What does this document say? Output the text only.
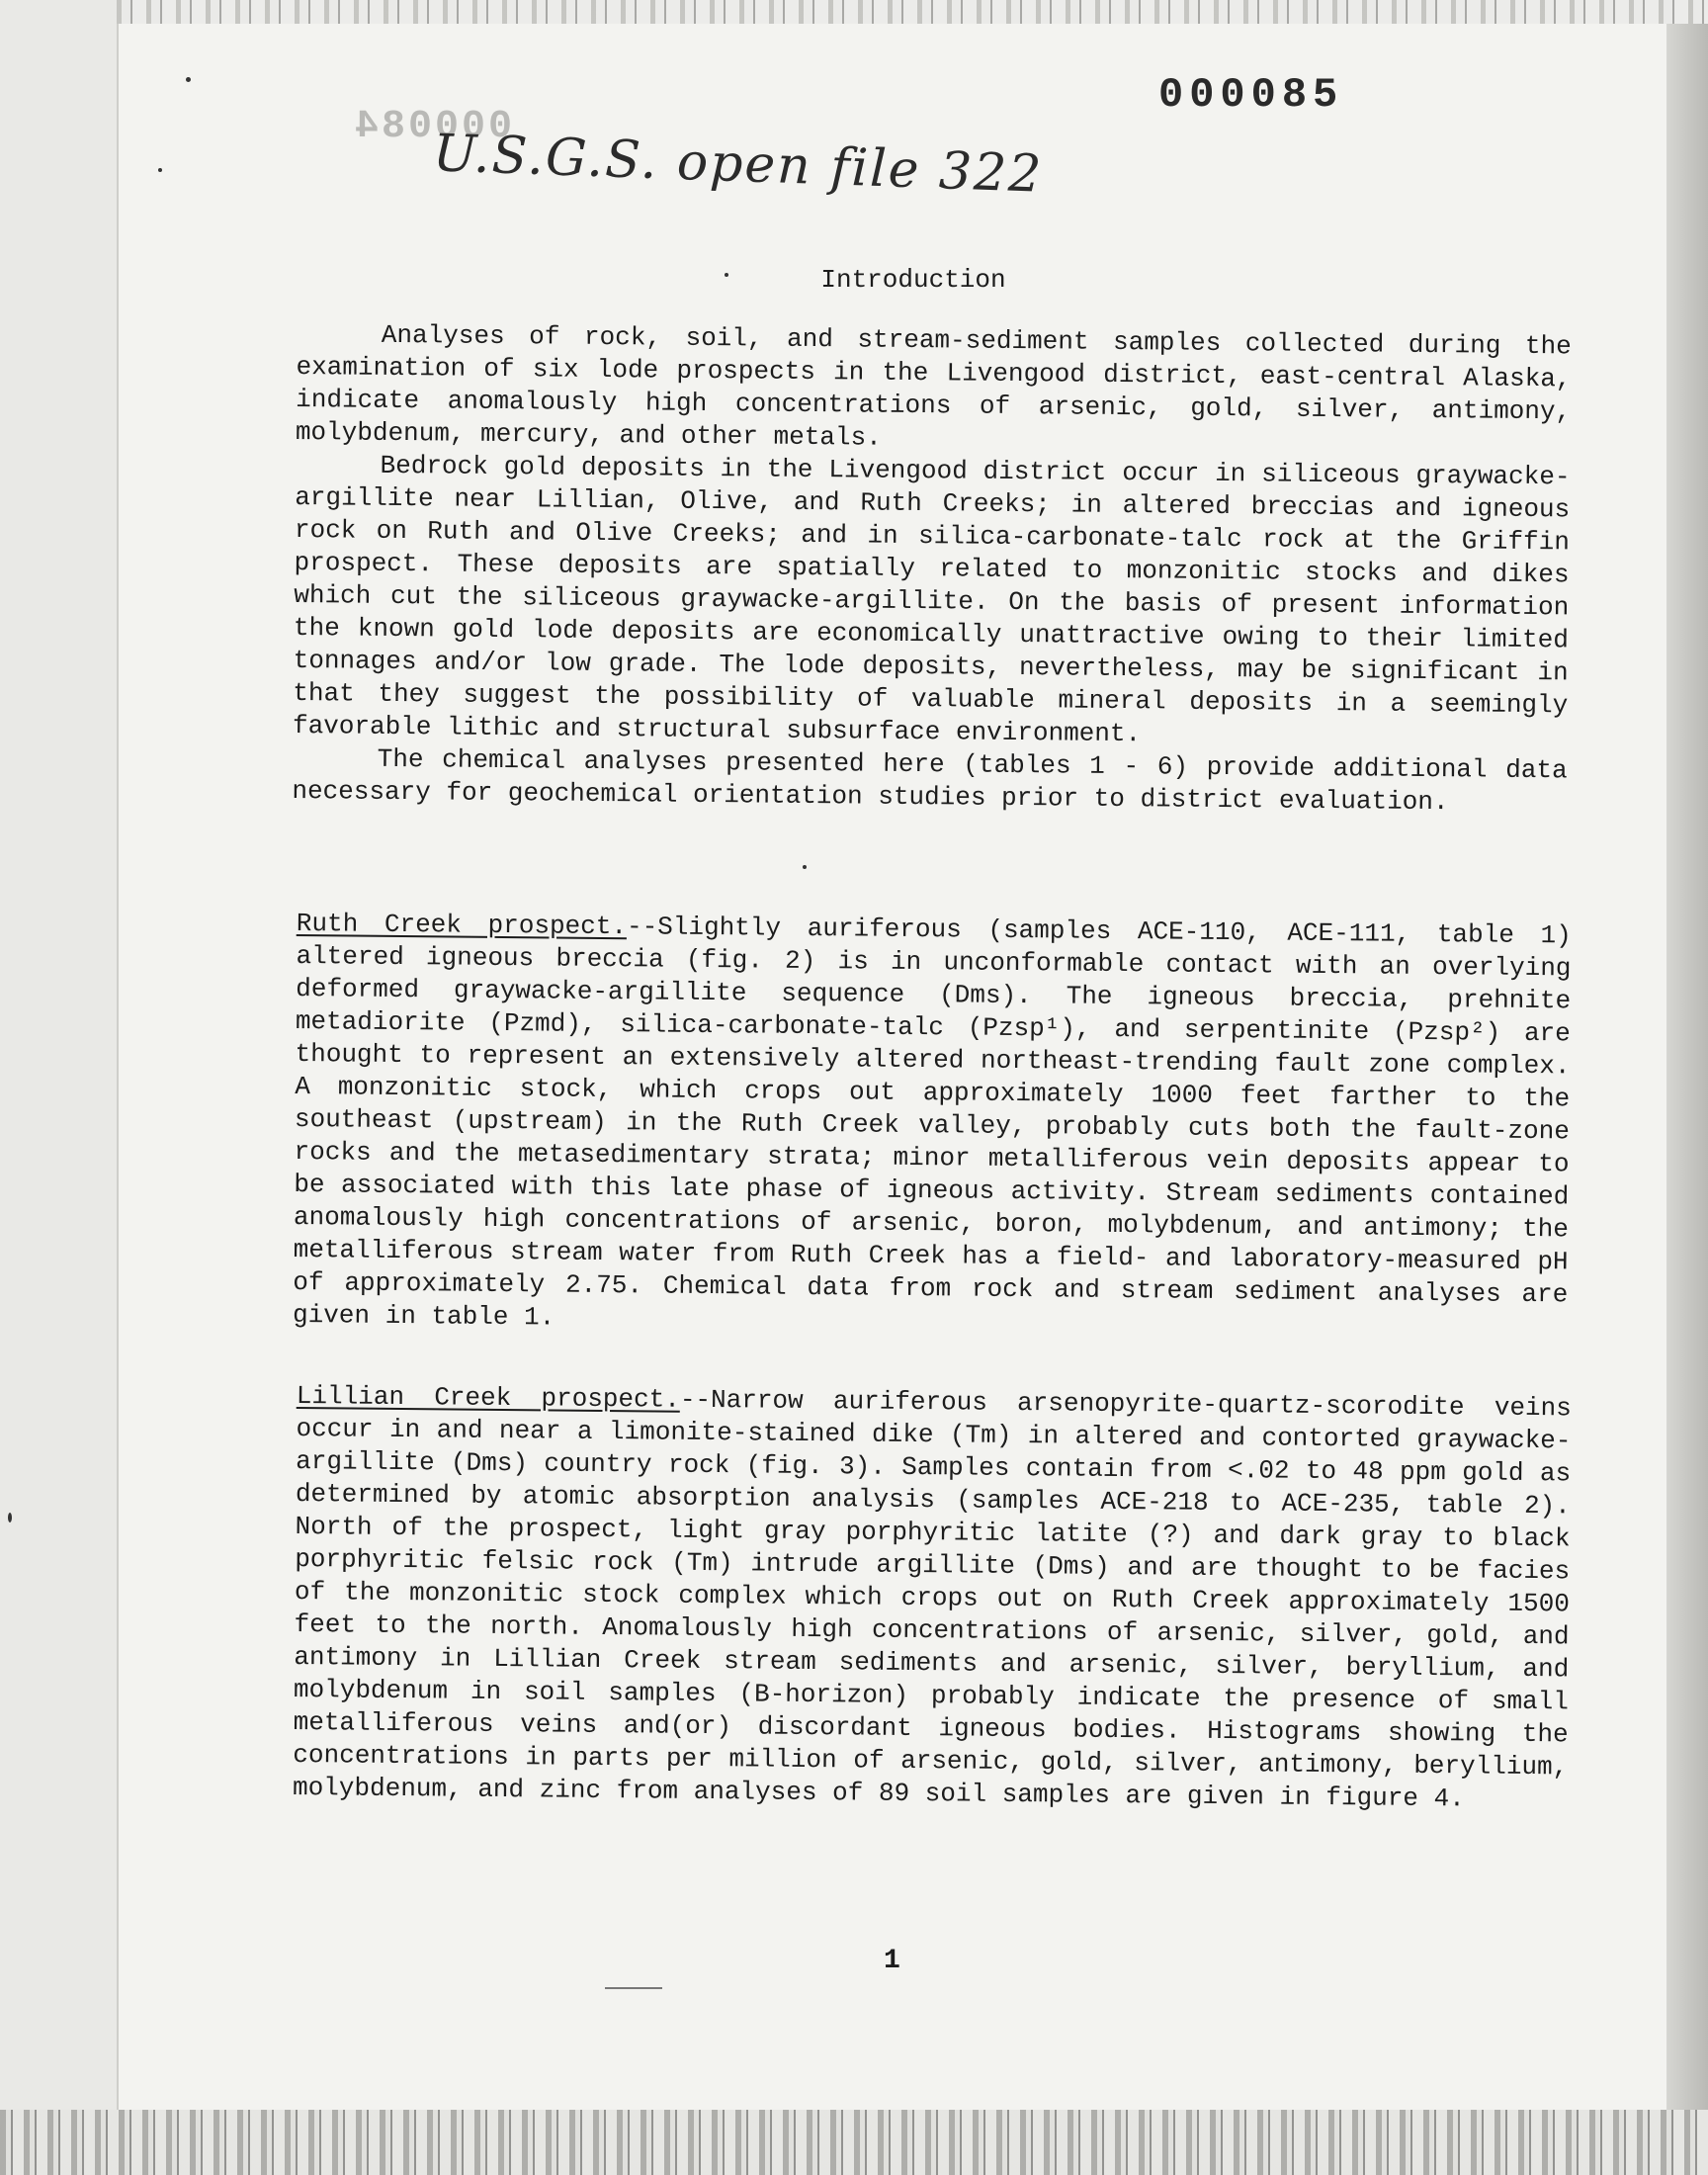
000084
000085
U.S.G.S. open file 322
Introduction

Analyses of rock, soil, and stream-sediment samples collected during the examination of six lode prospects in the Livengood district, east-central Alaska, indicate anomalously high concentrations of arsenic, gold, silver, antimony, molybdenum, mercury, and other metals.

Bedrock gold deposits in the Livengood district occur in siliceous graywacke-argillite near Lillian, Olive, and Ruth Creeks; in altered breccias and igneous rock on Ruth and Olive Creeks; and in silica-carbonate-talc rock at the Griffin prospect. These deposits are spatially related to monzonitic stocks and dikes which cut the siliceous graywacke-argillite. On the basis of present information the known gold lode deposits are economically unattractive owing to their limited tonnages and/or low grade. The lode deposits, nevertheless, may be significant in that they suggest the possibility of valuable mineral deposits in a seemingly favorable lithic and structural subsurface environment.

The chemical analyses presented here (tables 1 - 6) provide additional data necessary for geochemical orientation studies prior to district evaluation.

Ruth Creek prospect.--Slightly auriferous (samples ACE-110, ACE-111, table 1) altered igneous breccia (fig. 2) is in unconformable contact with an overlying deformed graywacke-argillite sequence (Dms). The igneous breccia, prehnite metadiorite (Pzmd), silica-carbonate-talc (Pzsp¹), and serpentinite (Pzsp²) are thought to represent an extensively altered northeast-trending fault zone complex. A monzonitic stock, which crops out approximately 1000 feet farther to the southeast (upstream) in the Ruth Creek valley, probably cuts both the fault-zone rocks and the metasedimentary strata; minor metalliferous vein deposits appear to be associated with this late phase of igneous activity. Stream sediments contained anomalously high concentrations of arsenic, boron, molybdenum, and antimony; the metalliferous stream water from Ruth Creek has a field- and laboratory-measured pH of approximately 2.75. Chemical data from rock and stream sediment analyses are given in table 1.

Lillian Creek prospect.--Narrow auriferous arsenopyrite-quartz-scorodite veins occur in and near a limonite-stained dike (Tm) in altered and contorted graywacke-argillite (Dms) country rock (fig. 3). Samples contain from <.02 to 48 ppm gold as determined by atomic absorption analysis (samples ACE-218 to ACE-235, table 2). North of the prospect, light gray porphyritic latite (?) and dark gray to black porphyritic felsic rock (Tm) intrude argillite (Dms) and are thought to be facies of the monzonitic stock complex which crops out on Ruth Creek approximately 1500 feet to the north. Anomalously high concentrations of arsenic, silver, gold, and antimony in Lillian Creek stream sediments and arsenic, silver, beryllium, and molybdenum in soil samples (B-horizon) probably indicate the presence of small metalliferous veins and(or) discordant igneous bodies. Histograms showing the concentrations in parts per million of arsenic, gold, silver, antimony, beryllium, molybdenum, and zinc from analyses of 89 soil samples are given in figure 4.

1
